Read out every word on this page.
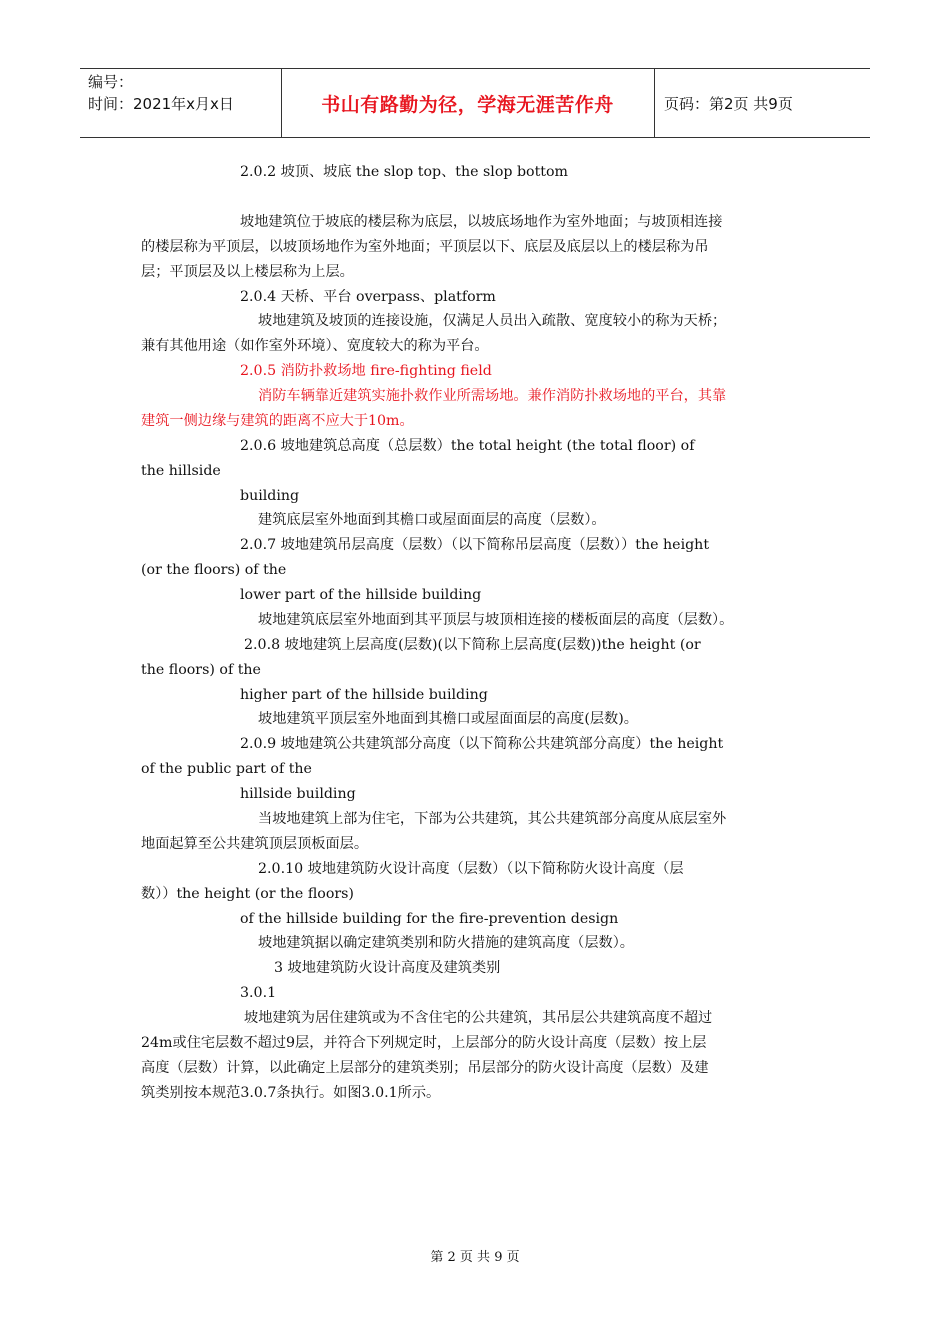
编号：
时间：2021年x月x日	书山有路勤为径，学海无涯苦作舟	页码：第2页 共9页
2.0.2 坡顶、坡底 the slop top、the slop bottom
坡地建筑位于坡底的楼层称为底层，以坡底场地作为室外地面；与坡顶相连接
的楼层称为平顶层，以坡顶场地作为室外地面；平顶层以下、底层及底层以上的楼层称为吊
层；平顶层及以上楼层称为上层。
2.0.4 天桥、平台 overpass、platform
坡地建筑及坡顶的连接设施，仅满足人员出入疏散、宽度较小的称为天桥；
兼有其他用途（如作室外环境）、宽度较大的称为平台。
2.0.5 消防扑救场地 fire-fighting field
消防车辆靠近建筑实施扑救作业所需场地。兼作消防扑救场地的平台，其靠
建筑一侧边缘与建筑的距离不应大于10m。
2.0.6 坡地建筑总高度（总层数）the total height (the total floor) of
the hillside
building
建筑底层室外地面到其檐口或屋面面层的高度（层数）。
2.0.7 坡地建筑吊层高度（层数）（以下简称吊层高度（层数））the height
(or the floors) of the
lower part of the hillside building
坡地建筑底层室外地面到其平顶层与坡顶相连接的楼板面层的高度（层数）。
2.0.8 坡地建筑上层高度(层数)(以下简称上层高度(层数))the height (or
the floors) of the
higher part of the hillside building
坡地建筑平顶层室外地面到其檐口或屋面面层的高度(层数)。
2.0.9 坡地建筑公共建筑部分高度（以下简称公共建筑部分高度）the height
of the public part of the
hillside building
当坡地建筑上部为住宅，下部为公共建筑，其公共建筑部分高度从底层室外
地面起算至公共建筑顶层顶板面层。
2.0.10 坡地建筑防火设计高度（层数）（以下简称防火设计高度（层
数））the height (or the floors)
of the hillside building for the fire-prevention design
坡地建筑据以确定建筑类别和防火措施的建筑高度（层数）。
3 坡地建筑防火设计高度及建筑类别
3.0.1
坡地建筑为居住建筑或为不含住宅的公共建筑，其吊层公共建筑高度不超过
24m或住宅层数不超过9层，并符合下列规定时，上层部分的防火设计高度（层数）按上层
高度（层数）计算，以此确定上层部分的建筑类别；吊层部分的防火设计高度（层数）及建
筑类别按本规范3.0.7条执行。如图3.0.1所示。
第 2 页 共 9 页
